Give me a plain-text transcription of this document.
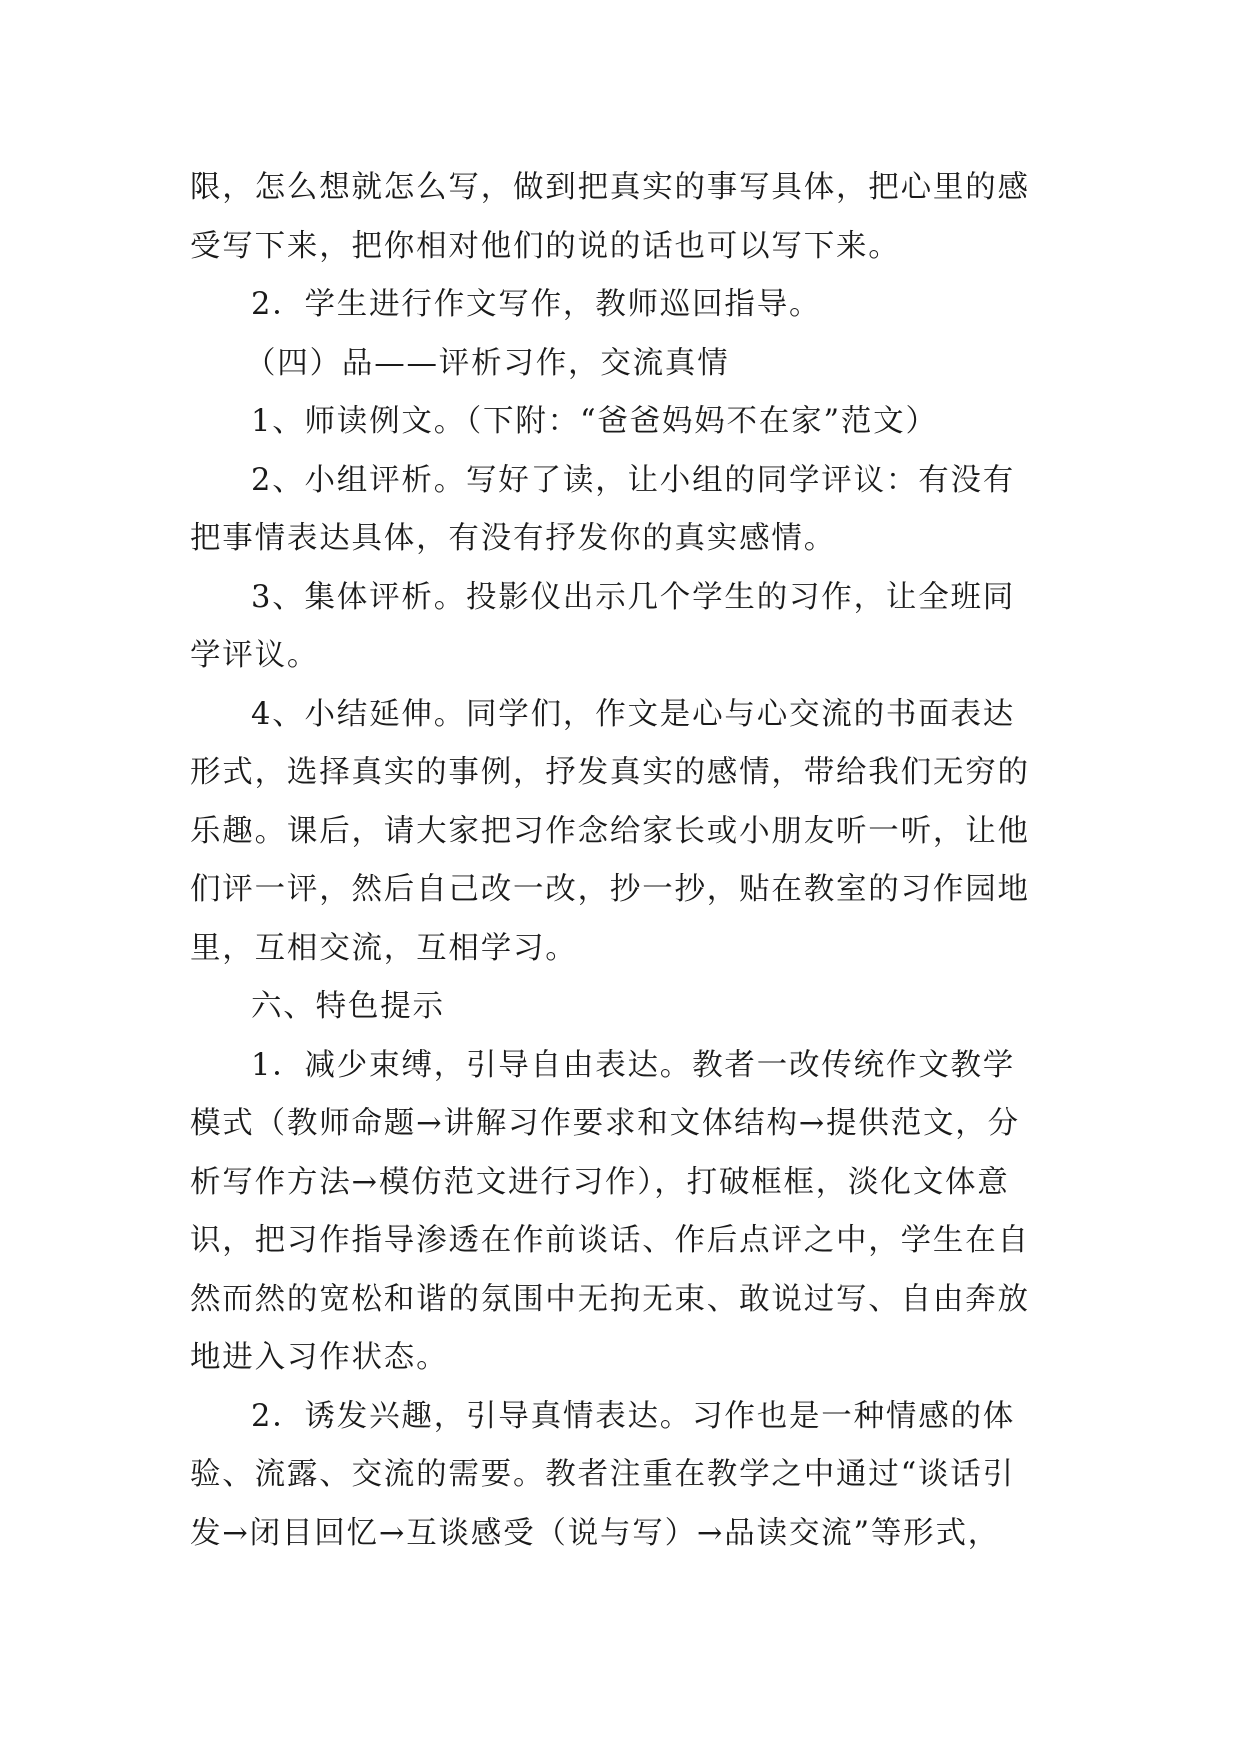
限，怎么想就怎么写，做到把真实的事写具体，把心里的感
受写下来，把你相对他们的说的话也可以写下来。
2．学生进行作文写作，教师巡回指导。
（四）品——评析习作，交流真情
1、师读例文。（下附：“爸爸妈妈不在家”范文）
2、小组评析。写好了读，让小组的同学评议：有没有
把事情表达具体，有没有抒发你的真实感情。
3、集体评析。投影仪出示几个学生的习作，让全班同
学评议。
4、小结延伸。同学们，作文是心与心交流的书面表达
形式，选择真实的事例，抒发真实的感情，带给我们无穷的
乐趣。课后，请大家把习作念给家长或小朋友听一听，让他
们评一评，然后自己改一改，抄一抄，贴在教室的习作园地
里，互相交流，互相学习。
六、特色提示
1．减少束缚，引导自由表达。教者一改传统作文教学
模式（教师命题→讲解习作要求和文体结构→提供范文，分
析写作方法→模仿范文进行习作），打破框框，淡化文体意
识，把习作指导渗透在作前谈话、作后点评之中，学生在自
然而然的宽松和谐的氛围中无拘无束、敢说过写、自由奔放
地进入习作状态。
2．诱发兴趣，引导真情表达。习作也是一种情感的体
验、流露、交流的需要。教者注重在教学之中通过“谈话引
发→闭目回忆→互谈感受（说与写）→品读交流”等形式，
